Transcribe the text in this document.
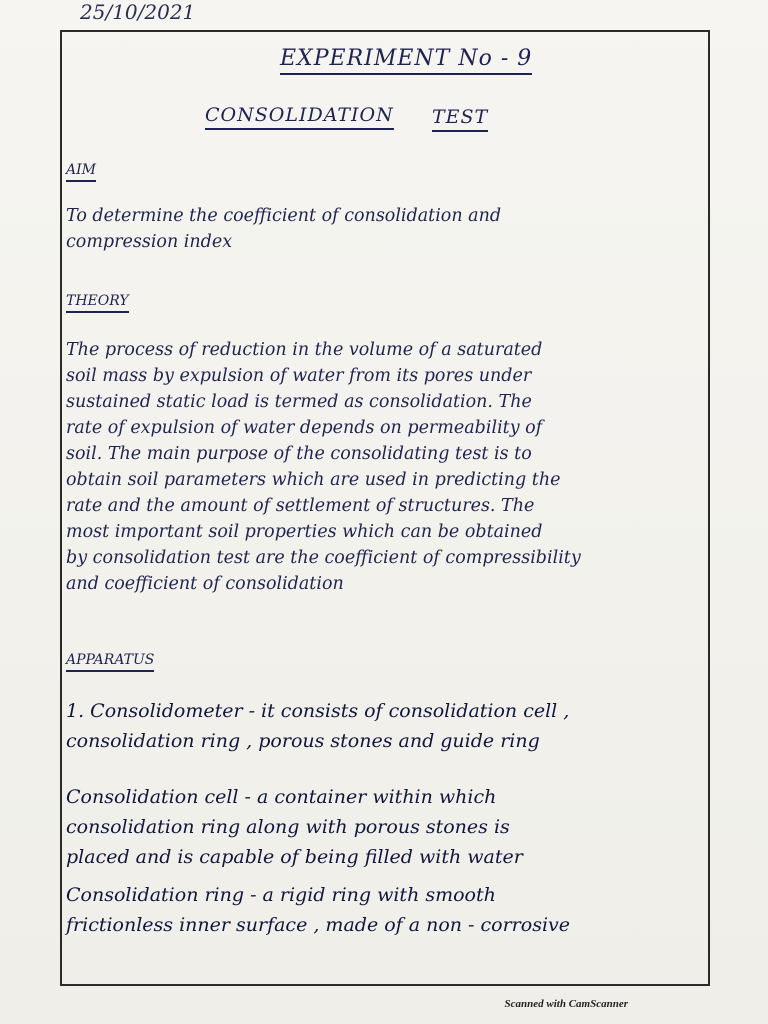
25/10/2021
EXPERIMENT No - 9
CONSOLIDATION TEST
AIM
To determine the coefficient of consolidation and
compression index
THEORY
The process of reduction in the volume of a saturated
soil mass by expulsion of water from its pores under
sustained static load is termed as consolidation. The
rate of expulsion of water depends on permeability of
soil. The main purpose of the consolidating test is to
obtain soil parameters which are used in predicting the
rate and the amount of settlement of structures. The
most important soil properties which can be obtained
by consolidation test are the coefficient of compressibility
and coefficient of consolidation
APPARATUS
1. Consolidometer - it consists of consolidation cell ,
consolidation ring , porous stones and guide ring
Consolidation cell - a container within which
consolidation ring along with porous stones is
placed and is capable of being filled with water
Consolidation ring - a rigid ring with smooth
frictionless inner surface , made of a non - corrosive
Scanned with CamScanner
